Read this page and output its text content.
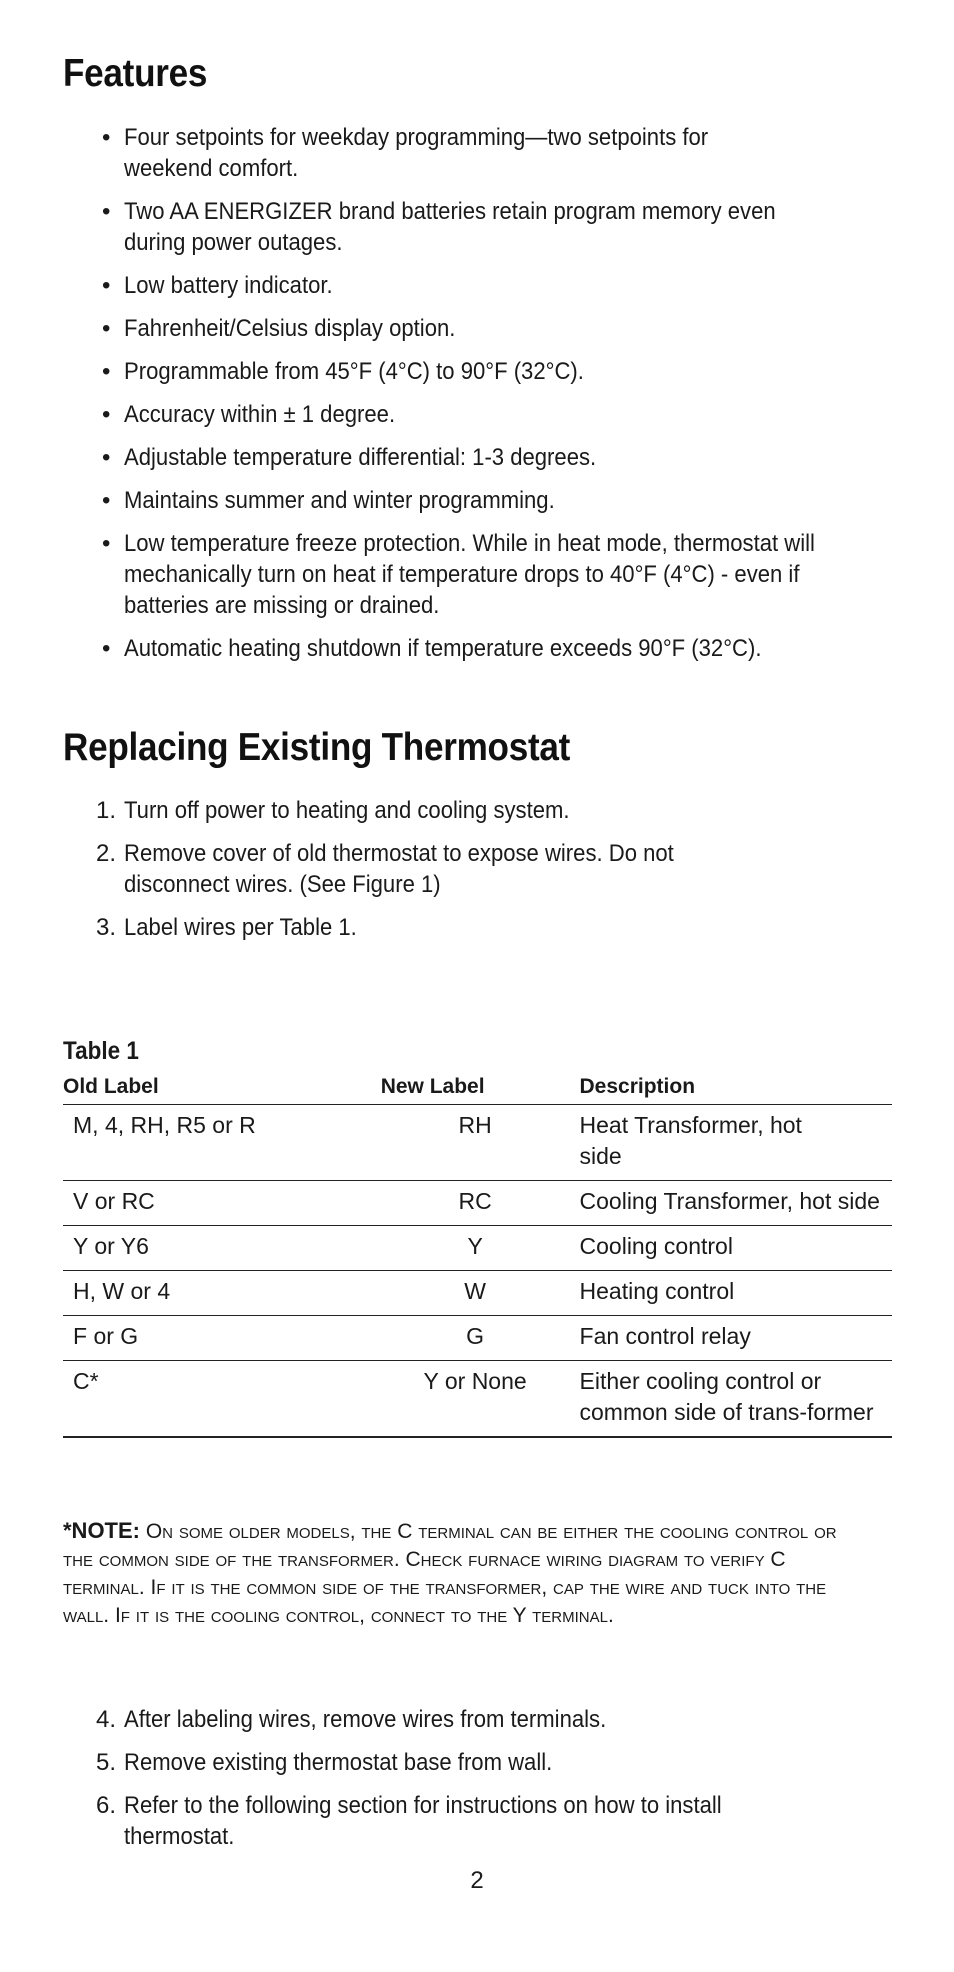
Features
• Four setpoints for weekday programming—two setpoints for weekend comfort.
• Two AA ENERGIZER brand batteries retain program memory even during power outages.
• Low battery indicator.
• Fahrenheit/Celsius display option.
• Programmable from 45°F (4°C) to 90°F (32°C).
• Accuracy within ± 1 degree.
• Adjustable temperature differential: 1-3 degrees.
• Maintains summer and winter programming.
• Low temperature freeze protection. While in heat mode, thermostat will mechanically turn on heat if temperature drops to 40°F (4°C) - even if batteries are missing or drained.
• Automatic heating shutdown if temperature exceeds 90°F (32°C).
Replacing Existing Thermostat
1. Turn off power to heating and cooling system.
2. Remove cover of old thermostat to expose wires. Do not disconnect wires. (See Figure 1)
3. Label wires per Table 1.
Table 1
Old Label	New Label	Description
M, 4, RH, R5 or R	RH	Heat Transformer, hot side
V or RC	RC	Cooling Transformer, hot side
Y or Y6	Y	Cooling control
H, W or 4	W	Heating control
F or G	G	Fan control relay
C*	Y or None	Either cooling control or common side of trans-former
*NOTE: On some older models, the C terminal can be either the cooling control or the common side of the transformer. Check furnace wiring diagram to verify C terminal. If it is the common side of the transformer, cap the wire and tuck into the wall. If it is the cooling control, connect to the Y terminal.
4. After labeling wires, remove wires from terminals.
5. Remove existing thermostat base from wall.
6. Refer to the following section for instructions on how to install thermostat.
2
